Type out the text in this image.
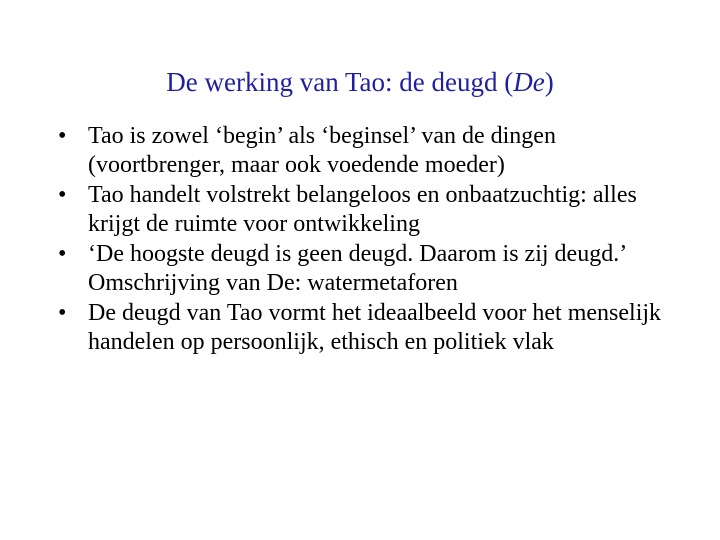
De werking van Tao: de deugd (De)
• Tao is zowel ‘begin’ als ‘beginsel’ van de dingen (voortbrenger, maar ook voedende moeder)
• Tao handelt volstrekt belangeloos en onbaatzuchtig: alles krijgt de ruimte voor ontwikkeling
• ‘De hoogste deugd is geen deugd. Daarom is zij deugd.’ Omschrijving van De: watermetaforen
• De deugd van Tao vormt het ideaalbeeld voor het menselijk handelen op persoonlijk, ethisch en politiek vlak
